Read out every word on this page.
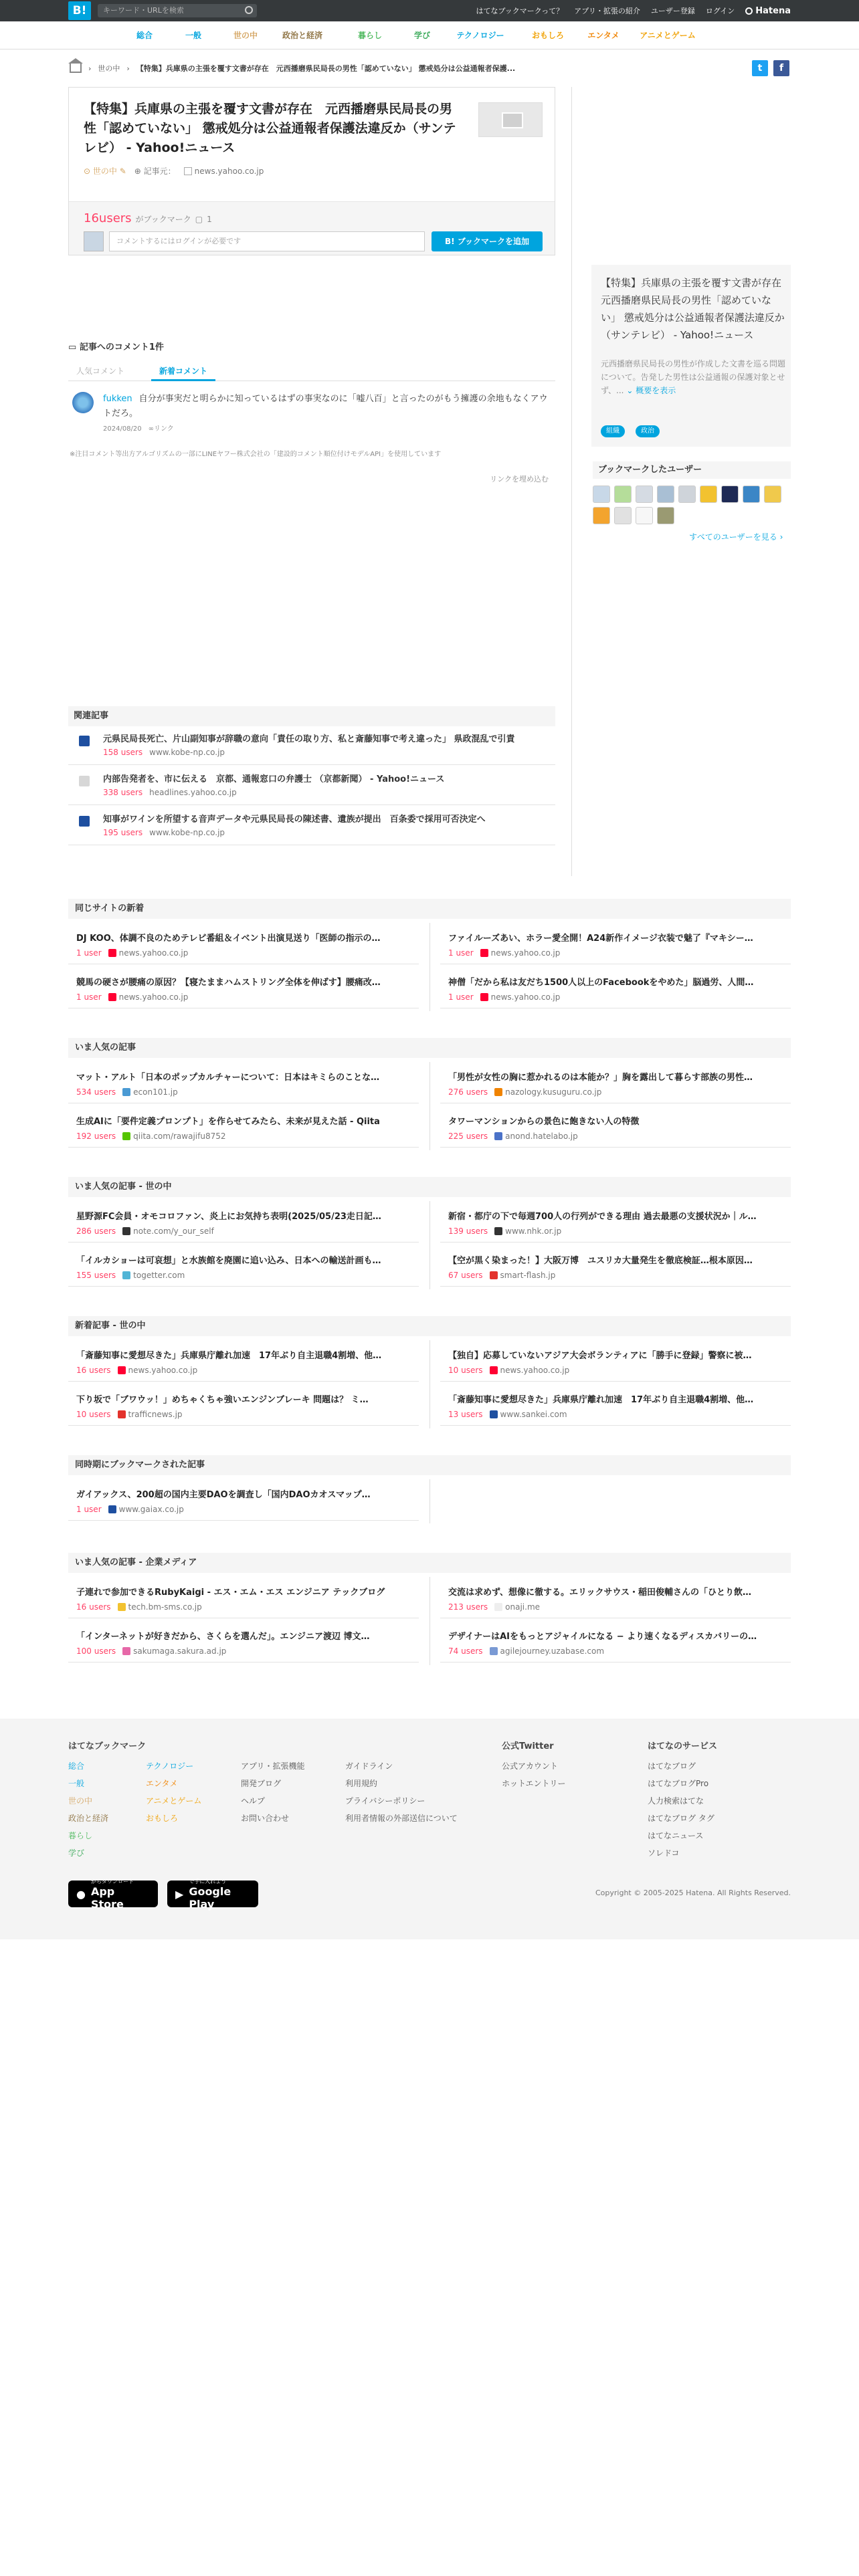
B!	キーワード・URLを検索	はてなブックマークって？ アプリ・拡張の紹介 ユーザー登録 ログイン Hatena
総合	一般	世の中	政治と経済	暮らし	学び	テクノロジー	おもしろ	エンタメ	アニメとゲーム
› 世の中 › 【特集】兵庫県の主張を覆す文書が存在　元西播磨県民局長の男性「認めていない」 懲戒処分は公益通報者保護...	t	f
【特集】兵庫県の主張を覆す文書が存在　元西播磨県民局長の男性「認めていない」 懲戒処分は公益通報者保護法違反か（サンテレビ） - Yahoo!ニュース
⊙ 世の中 ✎ ⊕ 記事元：	news.yahoo.co.jp
16users がブックマーク ▢ 1
コメントするにはログインが必要です	B! ブックマークを追加
▭ 記事へのコメント1件
人気コメント	新着コメント
fukken 自分が事実だと明らかに知っているはずの事実なのに「嘘八百」と言ったのがもう擁護の余地もなくアウトだろ。
2024/08/20　 ∞リンク
※注目コメント等出方アルゴリズムの一部にLINEヤフー株式会社の「建設的コメント順位付けモデルAPI」を使用しています
リンクを埋め込む
【特集】兵庫県の主張を覆す文書が存在　元西播磨県民局長の男性「認めていない」 懲戒処分は公益通報者保護法違反か（サンテレビ） - Yahoo!ニュース

元西播磨県民局長の男性が作成した文書を巡る問題について。告発した男性は公益通報の保護対象とせず、... ⌄ 概要を表示

組織	政治
ブックマークしたユーザー
すべてのユーザーを見る ›
関連記事
元県民局長死亡、片山副知事が辞職の意向「責任の取り方、私と斎藤知事で考え違った」 県政混乱で引責
158 users www.kobe-np.co.jp
内部告発者を、市に伝える　京都、通報窓口の弁護士 （京都新聞） - Yahoo!ニュース
338 users headlines.yahoo.co.jp
知事がワインを所望する音声データや元県民局長の陳述書、遺族が提出　百条委で採用可否決定へ
195 users www.kobe-np.co.jp
同じサイトの新着
DJ KOO、体調不良のためテレビ番組＆イベント出演見送り「医師の指示の…
1 user news.yahoo.co.jp
ファイルーズあい、ホラー愛全開！A24新作イメージ衣装で魅了『マキシー…
1 user news.yahoo.co.jp
競馬の硬さが腰痛の原因？【寝たままハムストリング全体を伸ばす】腰痛改…
1 user news.yahoo.co.jp
神僧「だから私は友だち1500人以上のFacebookをやめた」脳過労、人間…
1 user news.yahoo.co.jp
いま人気の記事
マット・アルト「日本のポップカルチャーについて：日本はキミらのことな…
534 users econ101.jp
「男性が女性の胸に惹かれるのは本能か？」胸を露出して暮らす部族の男性…
276 users nazology.kusuguru.co.jp
生成AIに「要件定義プロンプト」を作らせてみたら、未来が見えた話 - Qiita
192 users qiita.com/rawajifu8752
タワーマンションからの景色に飽きない人の特徴
225 users anond.hatelabo.jp
いま人気の記事 - 世の中
星野源FC会員・オモコロファン、炎上にお気持ち表明(2025/05/23走日記…
286 users note.com/y_our_self
新宿・都庁の下で毎週700人の行列ができる理由 過去最悪の支援状況か｜ル…
139 users www.nhk.or.jp
「イルカショーは可哀想」と水族館を廃園に追い込み、日本への輸送計画も…
155 users togetter.com
【空が黒く染まった！】大阪万博　ユスリカ大量発生を徹底検証…根本原因…
67 users smart-flash.jp
新着記事 - 世の中
「斎藤知事に愛想尽きた」兵庫県庁離れ加速　17年ぶり自主退職4割増、他…
16 users news.yahoo.co.jp
【独自】応募していないアジア大会ボランティアに「勝手に登録」警察に被…
10 users news.yahoo.co.jp
下り坂で「ブワウッ！」めちゃくちゃ強いエンジンブレーキ 問題は？ ミ…
10 users trafficnews.jp
「斎藤知事に愛想尽きた」兵庫県庁離れ加速　17年ぶり自主退職4割増、他…
13 users www.sankei.com
同時期にブックマークされた記事
ガイアックス、200超の国内主要DAOを調査し「国内DAOカオスマップ…
1 user www.gaiax.co.jp
いま人気の記事 - 企業メディア
子連れで参加できるRubyKaigi - エス・エム・エス エンジニア テックブログ
16 users tech.bm-sms.co.jp
交流は求めず、想像に徹する。エリックサウス・稲田俊輔さんの「ひとり飲…
213 users onaji.me
「インターネットが好きだから、さくらを選んだ」。エンジニア渡辺 博文…
100 users sakumaga.sakura.ad.jp
デザイナーはAIをもっとアジャイルになる − より速くなるディスカバリーの…
74 users agilejourney.uzabase.com
はてなブックマーク
総合
一般
世の中
政治と経済
暮らし
学び
テクノロジー
エンタメ
アニメとゲーム
おもしろ
アプリ・拡張機能
開発ブログ
ヘルプ
お問い合わせ
ガイドライン
利用規約
プライバシーポリシー
利用者情報の外部送信について
公式アカウント
ホットエントリー
はてなブログ
はてなブログPro
人力検索はてな
はてなブログ タグ
はてなニュース
ソレドコ
公式Twitter	はてなのサービス
●
からダウンロード
App Store
▶
で手に入れよう
Google Play
Copyright © 2005-2025 Hatena. All Rights Reserved.
